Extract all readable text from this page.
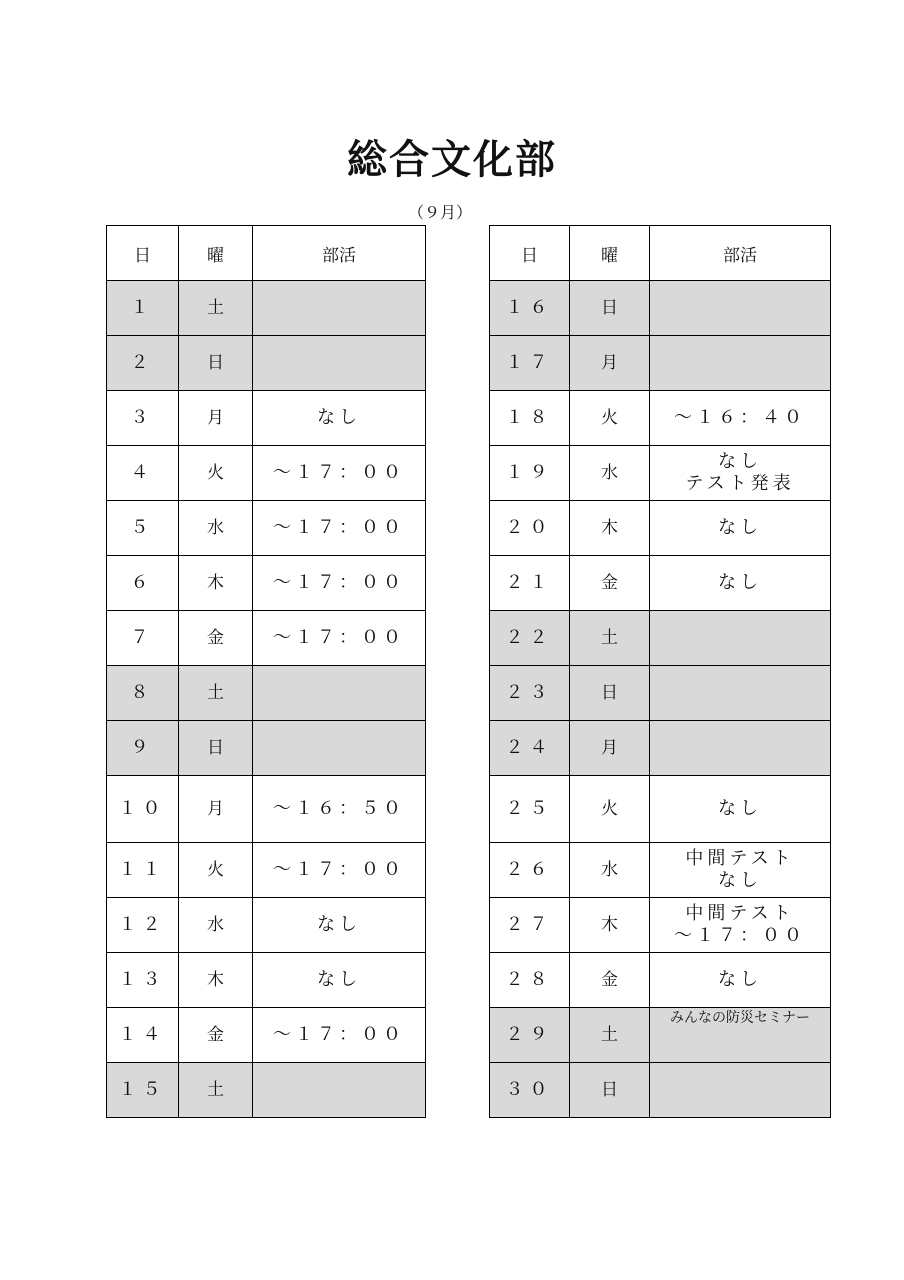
総合文化部
（９月）
日	曜	部活
１	土	
２	日	
３	月	なし

４	火	～１７：００

５	水	～１７：００

６	木	～１７：００

７	金	～１７：００

８	土	
９	日	
１０	月	～１６：５０

１１	火	～１７：００

１２	水	なし

１３	木	なし

１４	金	～１７：００

１５	土	
日	曜	部活
１６	日	
１７	月	
１８	火	～１６：４０

１９	水	なし
テスト発表

２０	木	なし

２１	金	なし

２２	土	
２３	日	
２４	月	
２５	火	なし

２６	水	中間テスト
なし

２７	木	中間テスト
～１７：００

２８	金	なし

２９	土	みんなの防災セミナー

３０	日	
